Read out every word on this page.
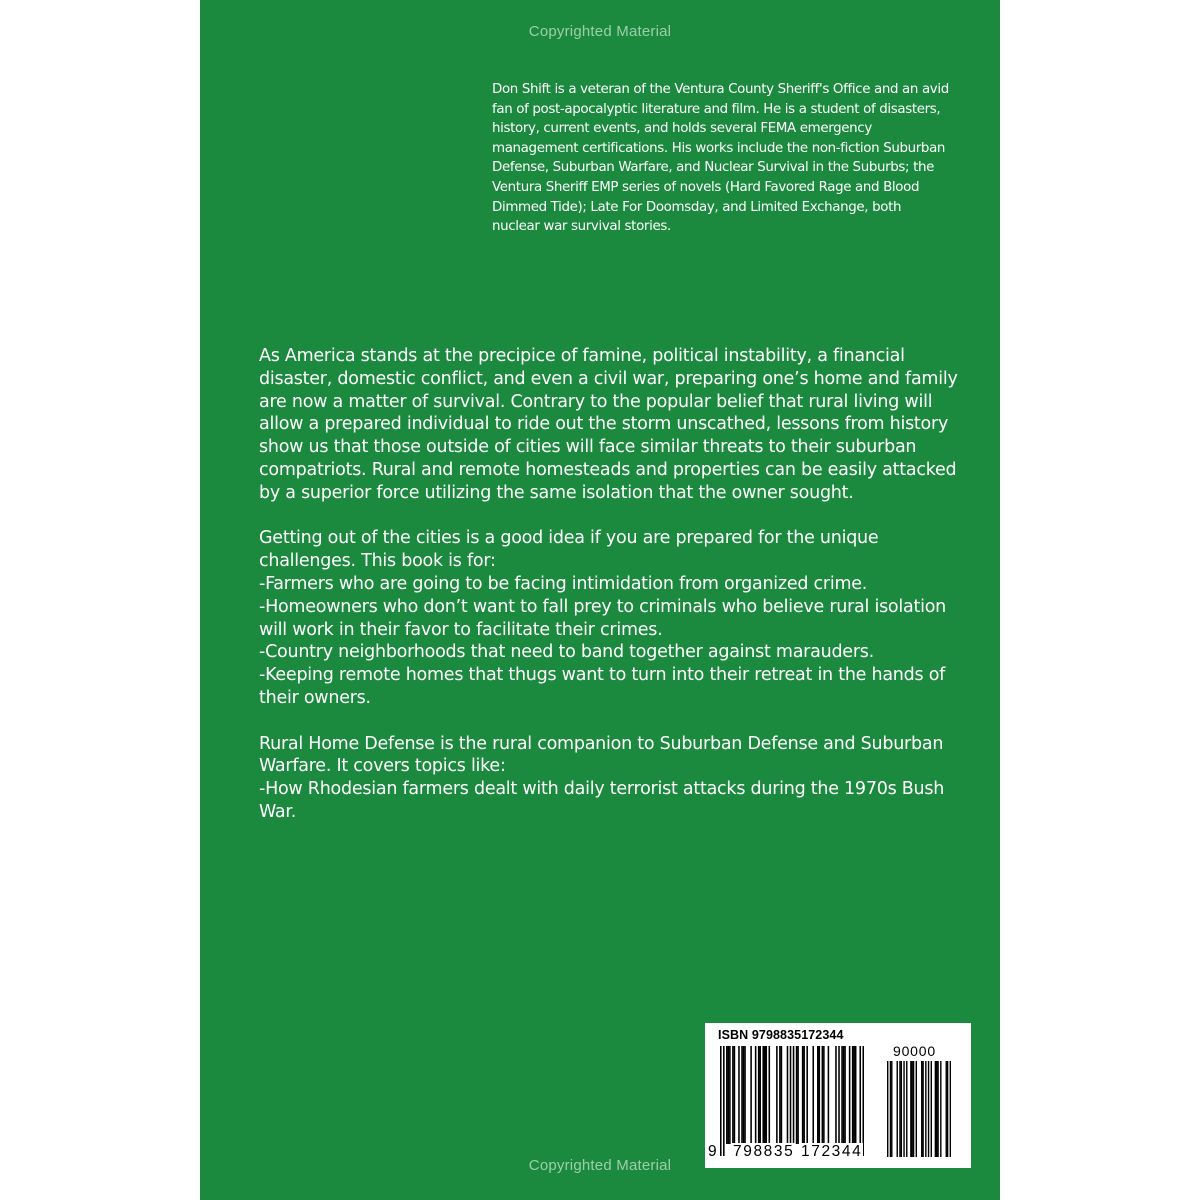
Copyrighted Material

Don Shift is a veteran of the Ventura County Sheriff's Office and an avid fan of post-apocalyptic literature and film. He is a student of disasters, history, current events, and holds several FEMA emergency management certifications. His works include the non-fiction Suburban Defense, Suburban Warfare, and Nuclear Survival in the Suburbs; the Ventura Sheriff EMP series of novels (Hard Favored Rage and Blood Dimmed Tide); Late For Doomsday, and Limited Exchange, both nuclear war survival stories.

As America stands at the precipice of famine, political instability, a financial disaster, domestic conflict, and even a civil war, preparing one’s home and family are now a matter of survival. Contrary to the popular belief that rural living will allow a prepared individual to ride out the storm unscathed, lessons from history show us that those outside of cities will face similar threats to their suburban compatriots. Rural and remote homesteads and properties can be easily attacked by a superior force utilizing the same isolation that the owner sought.

Getting out of the cities is a good idea if you are prepared for the unique challenges. This book is for:
-Farmers who are going to be facing intimidation from organized crime.
-Homeowners who don’t want to fall prey to criminals who believe rural isolation will work in their favor to facilitate their crimes.
-Country neighborhoods that need to band together against marauders.
-Keeping remote homes that thugs want to turn into their retreat in the hands of their owners.

Rural Home Defense is the rural companion to Suburban Defense and Suburban Warfare. It covers topics like:
-How Rhodesian farmers dealt with daily terrorist attacks during the 1970s Bush War.

ISBN 9798835172344
90000
9 798835 172344
Copyrighted Material
